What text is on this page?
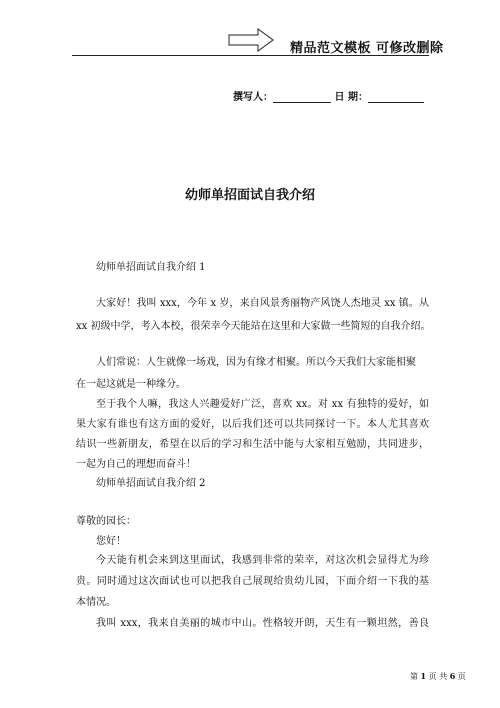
精品范文模板 可修改删除
撰写人：	日 期：
幼师单招面试自我介绍
幼师单招面试自我介绍 1
大家好！我叫 xxx，今年 x 岁，来自风景秀丽物产风饶人杰地灵 xx 镇。从
xx 初级中学，考入本校，很荣幸今天能站在这里和大家做一些简短的自我介绍。
人们常说：人生就像一场戏，因为有缘才相聚。所以今天我们大家能相聚
在一起这就是一种缘分。
至于我个人嘛，我这人兴趣爱好广泛，喜欢 xx。对 xx 有独特的爱好，如
果大家有谁也有这方面的爱好，以后我们还可以共同探讨一下。本人尤其喜欢
结识一些新朋友，希望在以后的学习和生活中能与大家相互勉励，共同进步，
一起为自己的理想而奋斗！
幼师单招面试自我介绍 2
尊敬的园长：
您好！
今天能有机会来到这里面试，我感到非常的荣幸，对这次机会显得尤为珍
贵。同时通过这次面试也可以把我自己展现给贵幼儿园，下面介绍一下我的基
本情况。
我叫 xxx，我来自美丽的城市中山。性格较开朗，天生有一颗坦然，善良
第 1 页 共 6 页
